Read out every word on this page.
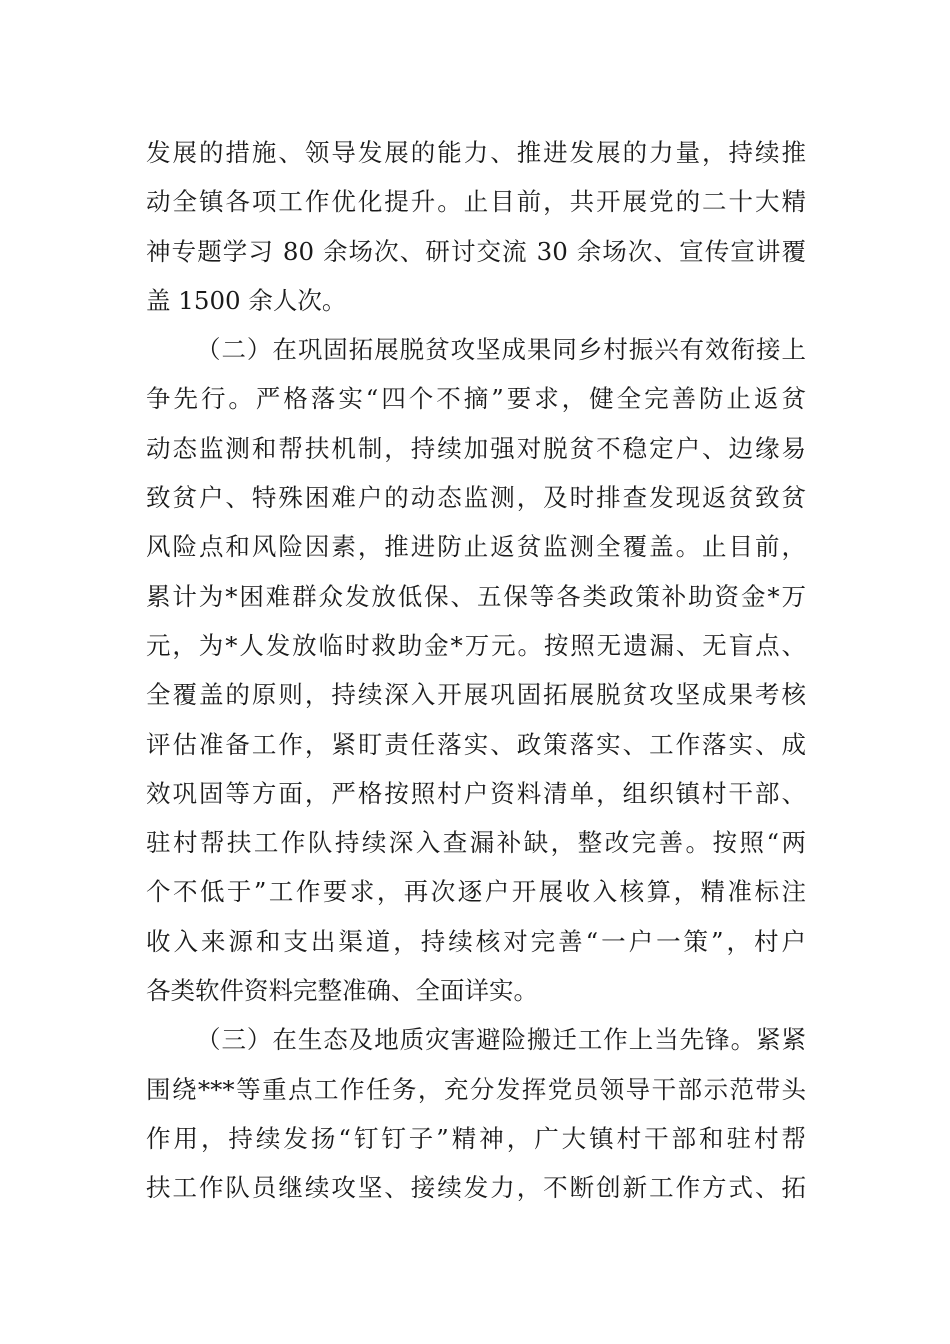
发展的措施、领导发展的能力、推进发展的力量，持续推
动全镇各项工作优化提升。止目前，共开展党的二十大精
神专题学习 80 余场次、研讨交流 30 余场次、宣传宣讲覆
盖 1500 余人次。
（二）在巩固拓展脱贫攻坚成果同乡村振兴有效衔接上
争先行。严格落实“四个不摘”要求，健全完善防止返贫
动态监测和帮扶机制，持续加强对脱贫不稳定户、边缘易
致贫户、特殊困难户的动态监测，及时排查发现返贫致贫
风险点和风险因素，推进防止返贫监测全覆盖。止目前，
累计为*困难群众发放低保、五保等各类政策补助资金*万
元，为*人发放临时救助金*万元。按照无遗漏、无盲点、
全覆盖的原则，持续深入开展巩固拓展脱贫攻坚成果考核
评估准备工作，紧盯责任落实、政策落实、工作落实、成
效巩固等方面，严格按照村户资料清单，组织镇村干部、
驻村帮扶工作队持续深入查漏补缺，整改完善。按照“两
个不低于”工作要求，再次逐户开展收入核算，精准标注
收入来源和支出渠道，持续核对完善“一户一策”，村户
各类软件资料完整准确、全面详实。
（三）在生态及地质灾害避险搬迁工作上当先锋。紧紧
围绕***等重点工作任务，充分发挥党员领导干部示范带头
作用，持续发扬“钉钉子”精神，广大镇村干部和驻村帮
扶工作队员继续攻坚、接续发力，不断创新工作方式、拓
